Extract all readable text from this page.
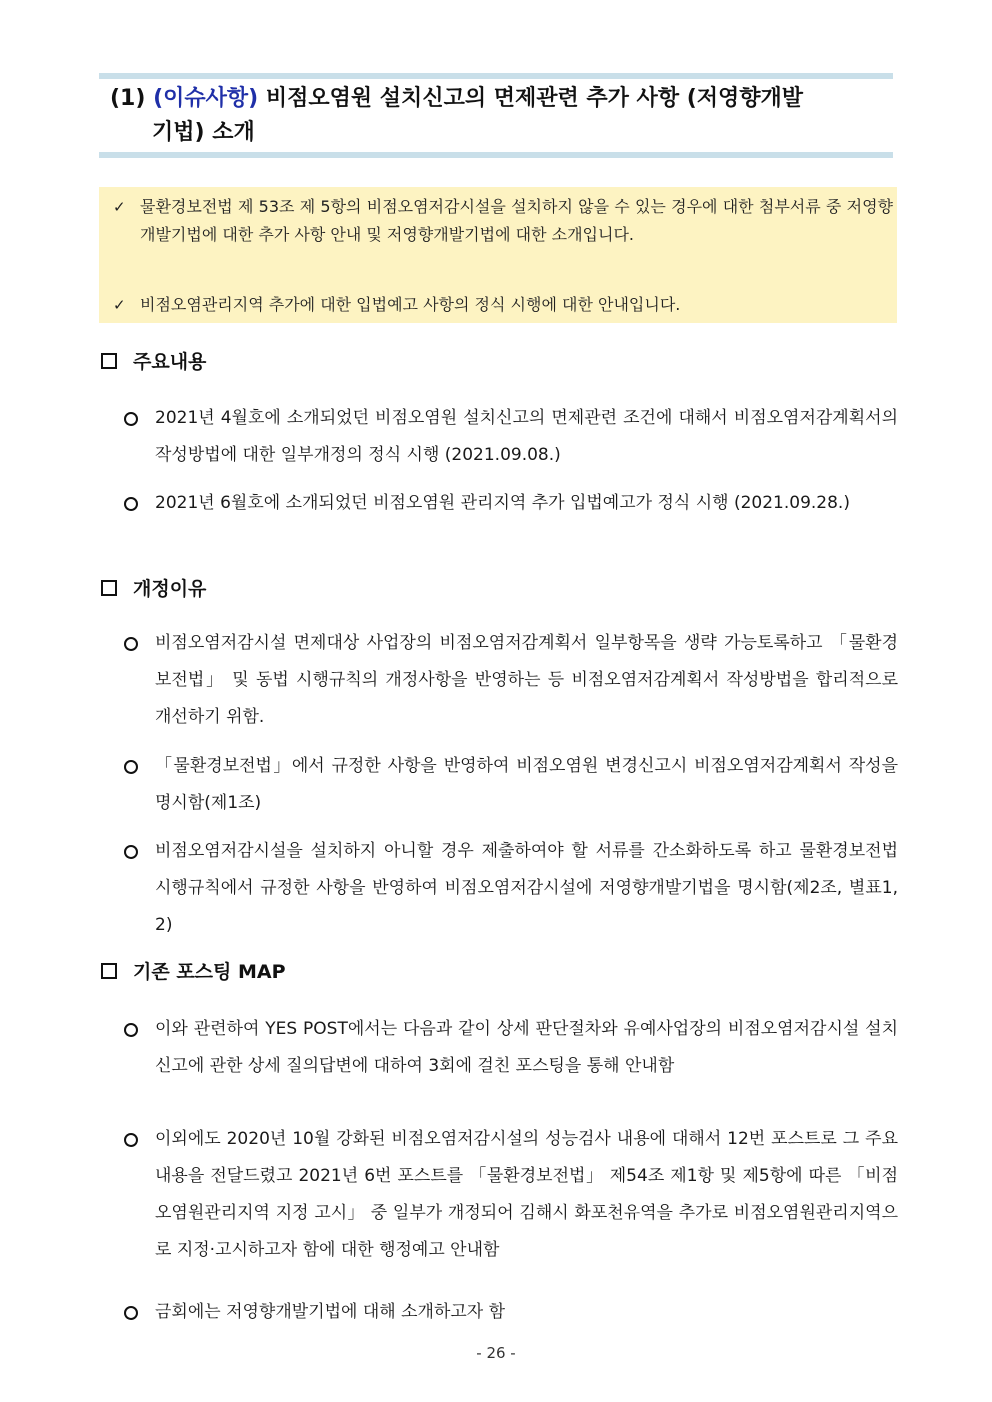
(1) (이슈사항) 비점오염원 설치신고의 면제관련 추가 사항 (저영향개발
기법) 소개
✓ 물환경보전법 제 53조 제 5항의 비점오염저감시설을 설치하지 않을 수 있는 경우에 대한 첨부서류 중 저영향개발기법에 대한 추가 사항 안내 및 저영향개발기법에 대한 소개입니다.
✓ 비점오염관리지역 추가에 대한 입법예고 사항의 정식 시행에 대한 안내입니다.
주요내용
2021년 4월호에 소개되었던 비점오염원 설치신고의 면제관련 조건에 대해서 비점오염저감계획서의 작성방법에 대한 일부개정의 정식 시행 (2021.09.08.)
2021년 6월호에 소개되었던 비점오염원 관리지역 추가 입법예고가 정식 시행 (2021.09.28.)
개정이유
비점오염저감시설 면제대상 사업장의 비점오염저감계획서 일부항목을 생략 가능토록하고 「물환경보전법」 및 동법 시행규칙의 개정사항을 반영하는 등 비점오염저감계획서 작성방법을 합리적으로 개선하기 위함.
「물환경보전법」에서 규정한 사항을 반영하여 비점오염원 변경신고시 비점오염저감계획서 작성을 명시함(제1조)
비점오염저감시설을 설치하지 아니할 경우 제출하여야 할 서류를 간소화하도록 하고 물환경보전법 시행규칙에서 규정한 사항을 반영하여 비점오염저감시설에 저영향개발기법을 명시함(제2조, 별표1, 2)
기존 포스팅 MAP
이와 관련하여 YES POST에서는 다음과 같이 상세 판단절차와 유예사업장의 비점오염저감시설 설치신고에 관한 상세 질의답변에 대하여 3회에 걸친 포스팅을 통해 안내함
이외에도 2020년 10월 강화된 비점오염저감시설의 성능검사 내용에 대해서 12번 포스트로 그 주요 내용을 전달드렸고 2021년 6번 포스트를 「물환경보전법」 제54조 제1항 및 제5항에 따른 「비점오염원관리지역 지정 고시」 중 일부가 개정되어 김해시 화포천유역을 추가로 비점오염원관리지역으로 지정·고시하고자 함에 대한 행정예고 안내함
금회에는 저영향개발기법에 대해 소개하고자 함
- 26 -
